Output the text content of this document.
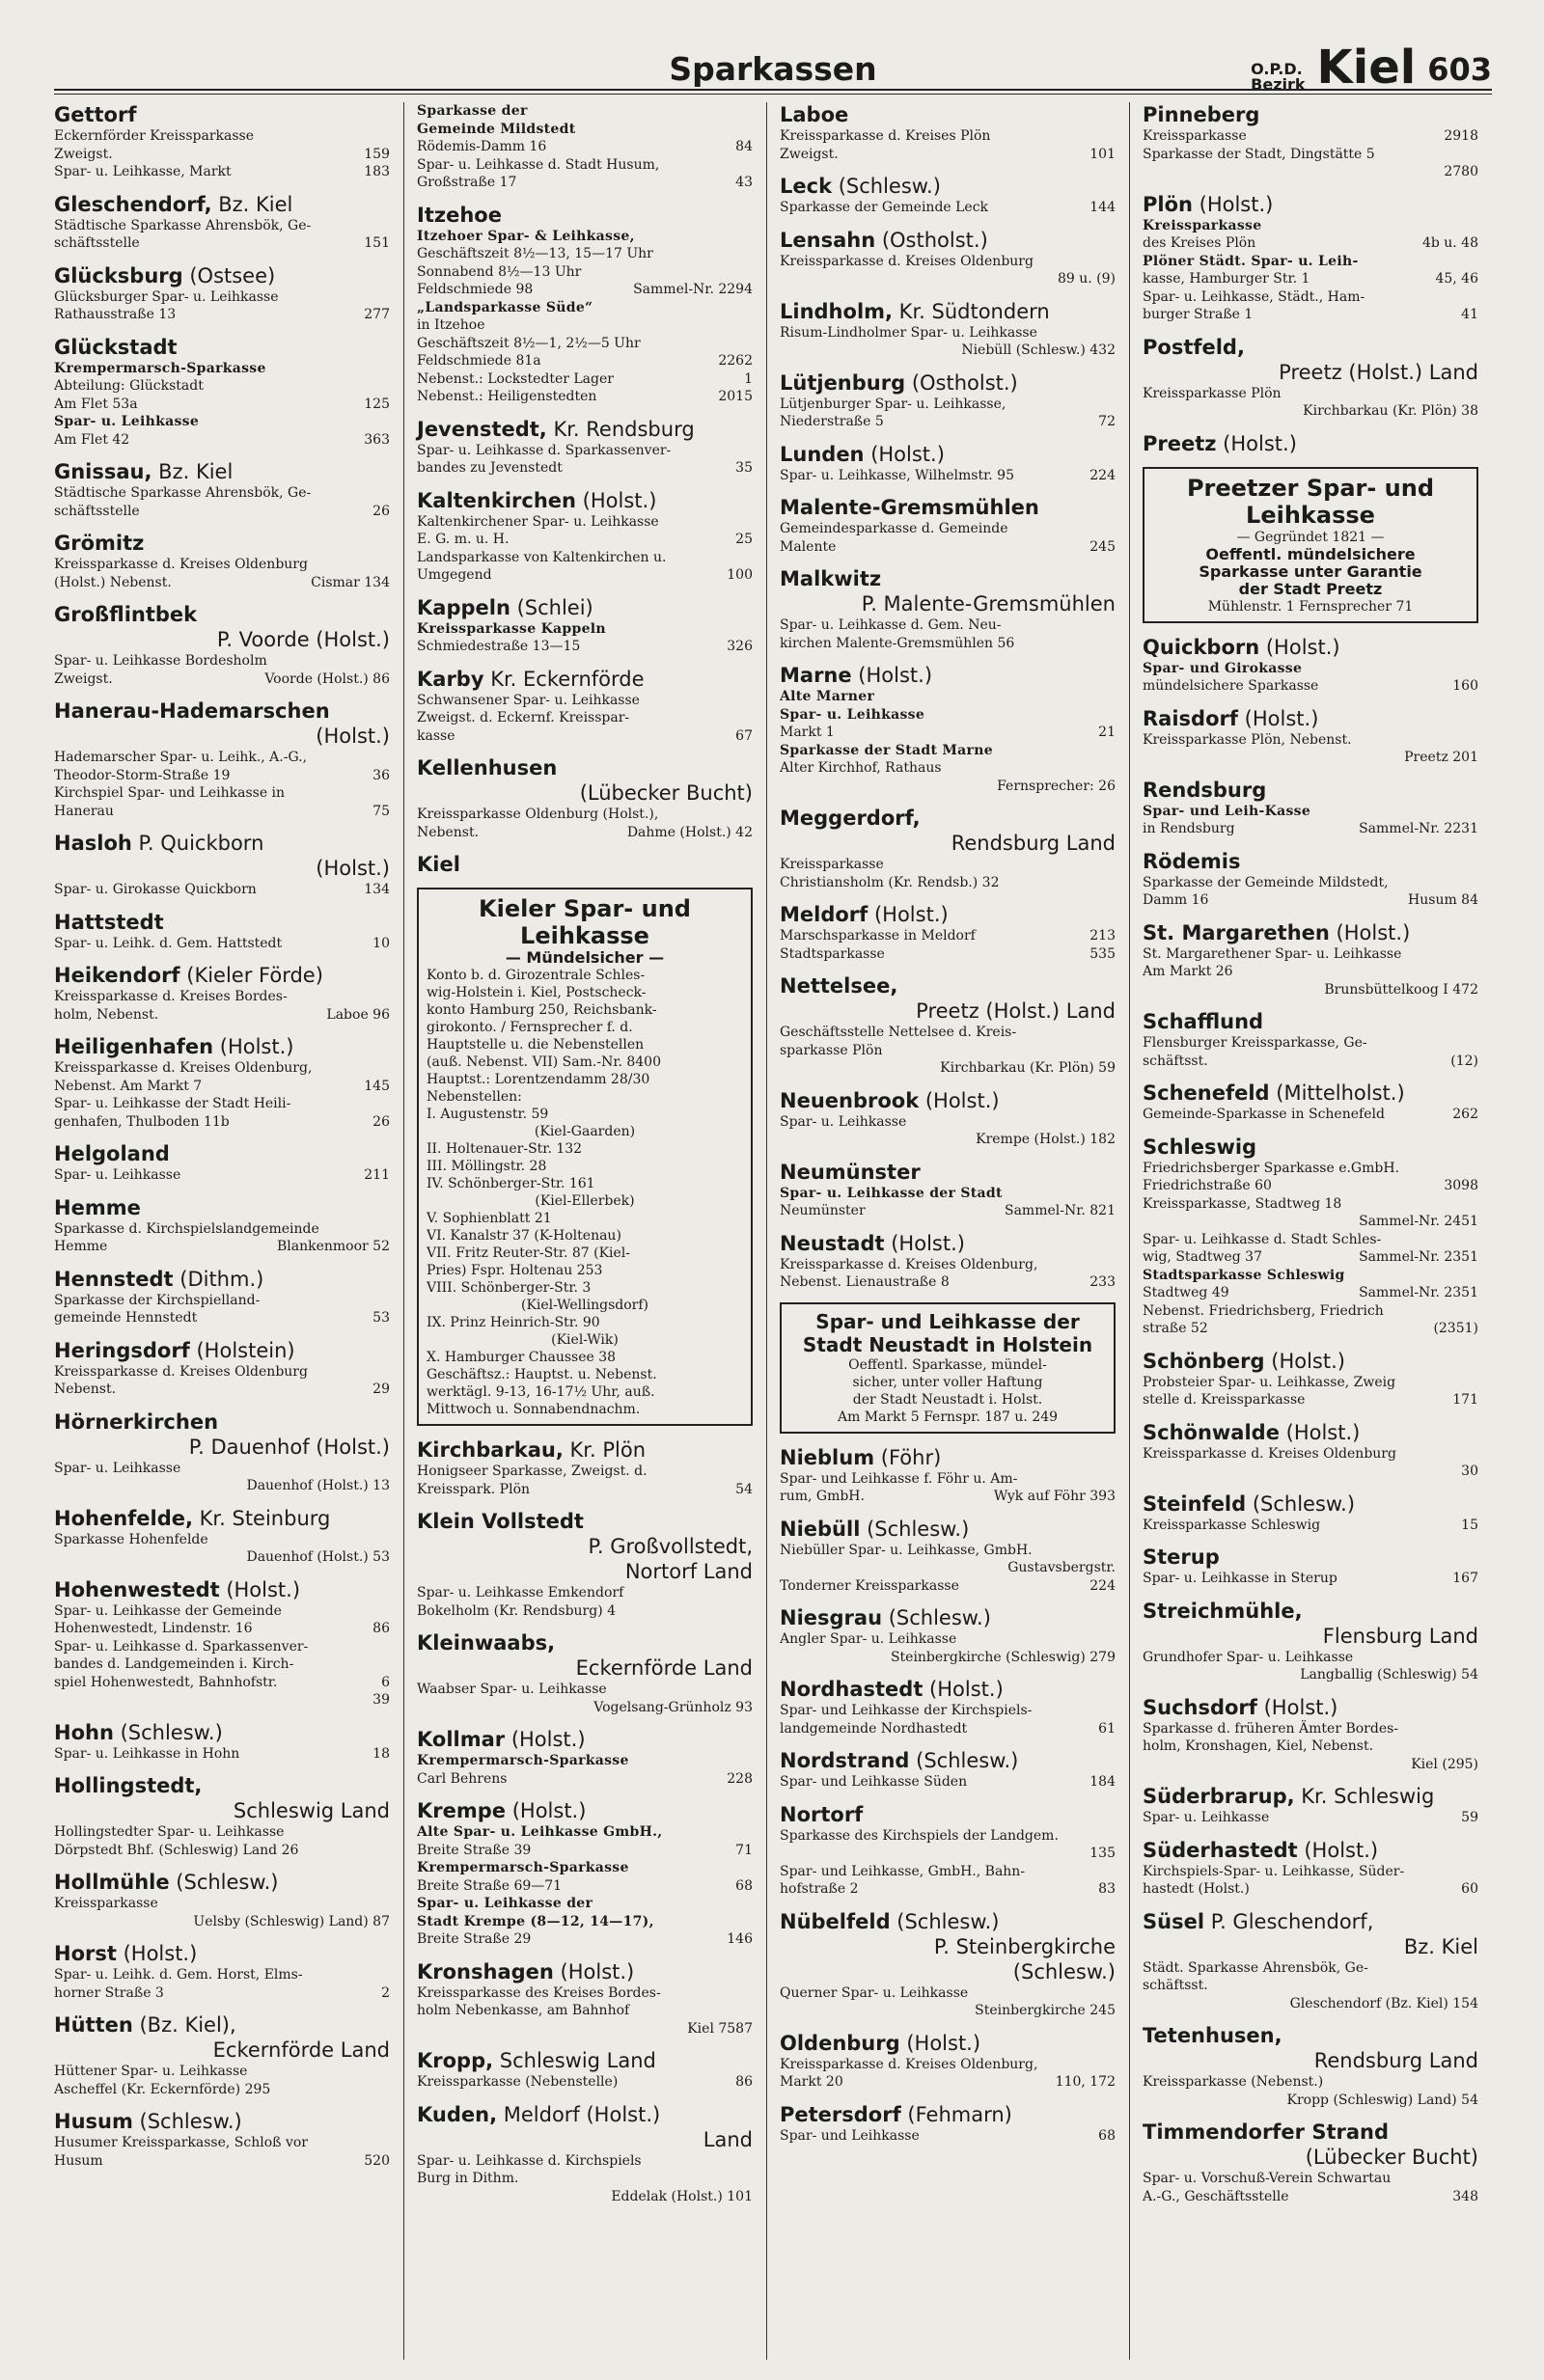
Sparkassen	O.P.D.
Bezirk Kiel 603
Gettorf
Eckernförder Kreissparkasse
Zweigst.	159
Spar- u. Leihkasse, Markt	183
Gleschendorf, Bz. Kiel
Städtische Sparkasse Ahrensbök, Ge-
schäftsstelle	151
Glücksburg (Ostsee)
Glücksburger Spar- u. Leihkasse
Rathausstraße 13	277
Glückstadt
Krempermarsch-Sparkasse
Abteilung: Glückstadt
Am Flet 53a	125
Spar- u. Leihkasse
Am Flet 42	363
Gnissau, Bz. Kiel
Städtische Sparkasse Ahrensbök, Ge-
schäftsstelle	26
Grömitz
Kreissparkasse d. Kreises Oldenburg
(Holst.) Nebenst.	Cismar 134
Großflintbek
P. Voorde (Holst.)
Spar- u. Leihkasse Bordesholm
Zweigst.	Voorde (Holst.) 86
Hanerau-Hademarschen
(Holst.)
Hademarscher Spar- u. Leihk., A.-G.,
Theodor-Storm-Straße 19	36
Kirchspiel Spar- und Leihkasse in
Hanerau	75
Hasloh P. Quickborn
(Holst.)
Spar- u. Girokasse Quickborn	134
Hattstedt
Spar- u. Leihk. d. Gem. Hattstedt	10
Heikendorf (Kieler Förde)
Kreissparkasse d. Kreises Bordes-
holm, Nebenst.	Laboe 96
Heiligenhafen (Holst.)
Kreissparkasse d. Kreises Oldenburg,
Nebenst. Am Markt 7	145
Spar- u. Leihkasse der Stadt Heili-
genhafen, Thulboden 11b	26
Helgoland
Spar- u. Leihkasse	211
Hemme
Sparkasse d. Kirchspielslandgemeinde
Hemme	Blankenmoor 52
Hennstedt (Dithm.)
Sparkasse der Kirchspielland-
gemeinde Hennstedt	53
Heringsdorf (Holstein)
Kreissparkasse d. Kreises Oldenburg
Nebenst.	29
Hörnerkirchen
P. Dauenhof (Holst.)
Spar- u. Leihkasse
Dauenhof (Holst.) 13
Hohenfelde, Kr. Steinburg
Sparkasse Hohenfelde
Dauenhof (Holst.) 53
Hohenwestedt (Holst.)
Spar- u. Leihkasse der Gemeinde
Hohenwestedt, Lindenstr. 16	86
Spar- u. Leihkasse d. Sparkassenver-
bandes d. Landgemeinden i. Kirch-
spiel Hohenwestedt, Bahnhofstr.	6
39
Hohn (Schlesw.)
Spar- u. Leihkasse in Hohn	18
Hollingstedt,
Schleswig Land
Hollingstedter Spar- u. Leihkasse
Dörpstedt Bhf. (Schleswig) Land 26
Hollmühle (Schlesw.)
Kreissparkasse
Uelsby (Schleswig) Land) 87
Horst (Holst.)
Spar- u. Leihk. d. Gem. Horst, Elms-
horner Straße 3	2
Hütten (Bz. Kiel),
Eckernförde Land
Hüttener Spar- u. Leihkasse
Ascheffel (Kr. Eckernförde) 295
Husum (Schlesw.)
Husumer Kreissparkasse, Schloß vor
Husum	520
Sparkasse der
Gemeinde Mildstedt
Rödemis-Damm 16	84
Spar- u. Leihkasse d. Stadt Husum,
Großstraße 17	43
Itzehoe
Itzehoer Spar- & Leihkasse,
Geschäftszeit 8½—13, 15—17 Uhr
Sonnabend 8½—13 Uhr
Feldschmiede 98	Sammel-Nr. 2294
„Landsparkasse Süde“
in Itzehoe
Geschäftszeit 8½—1, 2½—5 Uhr
Feldschmiede 81a	2262
Nebenst.: Lockstedter Lager	1
Nebenst.: Heiligenstedten	2015
Jevenstedt, Kr. Rendsburg
Spar- u. Leihkasse d. Sparkassenver-
bandes zu Jevenstedt	35
Kaltenkirchen (Holst.)
Kaltenkirchener Spar- u. Leihkasse
E. G. m. u. H.	25
Landsparkasse von Kaltenkirchen u.
Umgegend	100
Kappeln (Schlei)
Kreissparkasse Kappeln
Schmiedestraße 13—15	326
Karby Kr. Eckernförde
Schwansener Spar- u. Leihkasse
Zweigst. d. Eckernf. Kreisspar-
kasse	67
Kellenhusen
(Lübecker Bucht)
Kreissparkasse Oldenburg (Holst.),
Nebenst.	Dahme (Holst.) 42
Kiel
Kieler Spar- und Leihkasse
— Mündelsicher —
Konto b. d. Girozentrale Schles-
wig-Holstein i. Kiel, Postscheck-
konto Hamburg 250, Reichsbank-
girokonto. / Fernsprecher f. d.
Hauptstelle u. die Nebenstellen
(auß. Nebenst. VII) Sam.-Nr. 8400
Hauptst.: Lorentzendamm 28/30
Nebenstellen:
I. Augustenstr. 59
(Kiel-Gaarden)
II. Holtenauer-Str. 132
III. Möllingstr. 28
IV. Schönberger-Str. 161
(Kiel-Ellerbek)
V. Sophienblatt 21
VI. Kanalstr 37 (K-Holtenau)
VII. Fritz Reuter-Str. 87 (Kiel-
Pries) Fspr. Holtenau 253
VIII. Schönberger-Str. 3
(Kiel-Wellingsdorf)
IX. Prinz Heinrich-Str. 90
(Kiel-Wik)
X. Hamburger Chaussee 38
Geschäftsz.: Hauptst. u. Nebenst.
werktägl. 9-13, 16-17½ Uhr, auß.
Mittwoch u. Sonnabendnachm.
Kirchbarkau, Kr. Plön
Honigseer Sparkasse, Zweigst. d.
Kreisspark. Plön	54
Klein Vollstedt
P. Großvollstedt,
Nortorf Land
Spar- u. Leihkasse Emkendorf
Bokelholm (Kr. Rendsburg) 4
Kleinwaabs,
Eckernförde Land
Waabser Spar- u. Leihkasse
Vogelsang-Grünholz 93
Kollmar (Holst.)
Krempermarsch-Sparkasse
Carl Behrens	228
Krempe (Holst.)
Alte Spar- u. Leihkasse GmbH.,
Breite Straße 39	71
Krempermarsch-Sparkasse
Breite Straße 69—71	68
Spar- u. Leihkasse der
Stadt Krempe (8—12, 14—17),
Breite Straße 29	146
Kronshagen (Holst.)
Kreissparkasse des Kreises Bordes-
holm Nebenkasse, am Bahnhof
Kiel 7587
Kropp, Schleswig Land
Kreissparkasse (Nebenstelle)	86
Kuden, Meldorf (Holst.)
Land
Spar- u. Leihkasse d. Kirchspiels
Burg in Dithm.
Eddelak (Holst.) 101
Laboe
Kreissparkasse d. Kreises Plön
Zweigst.	101
Leck (Schlesw.)
Sparkasse der Gemeinde Leck	144
Lensahn (Ostholst.)
Kreissparkasse d. Kreises Oldenburg
89 u. (9)
Lindholm, Kr. Südtondern
Risum-Lindholmer Spar- u. Leihkasse
Niebüll (Schlesw.) 432
Lütjenburg (Ostholst.)
Lütjenburger Spar- u. Leihkasse,
Niederstraße 5	72
Lunden (Holst.)
Spar- u. Leihkasse, Wilhelmstr. 95	224
Malente-Gremsmühlen
Gemeindesparkasse d. Gemeinde
Malente	245
Malkwitz
P. Malente-Gremsmühlen
Spar- u. Leihkasse d. Gem. Neu-
kirchen Malente-Gremsmühlen 56
Marne (Holst.)
Alte Marner
Spar- u. Leihkasse
Markt 1	21
Sparkasse der Stadt Marne
Alter Kirchhof, Rathaus
Fernsprecher: 26
Meggerdorf,
Rendsburg Land
Kreissparkasse
Christiansholm (Kr. Rendsb.) 32
Meldorf (Holst.)
Marschsparkasse in Meldorf	213
Stadtsparkasse	535
Nettelsee,
Preetz (Holst.) Land
Geschäftsstelle Nettelsee d. Kreis-
sparkasse Plön
Kirchbarkau (Kr. Plön) 59
Neuenbrook (Holst.)
Spar- u. Leihkasse
Krempe (Holst.) 182
Neumünster
Spar- u. Leihkasse der Stadt
Neumünster	Sammel-Nr. 821
Neustadt (Holst.)
Kreissparkasse d. Kreises Oldenburg,
Nebenst. Lienaustraße 8	233
Spar- und Leihkasse der Stadt Neustadt in Holstein
Oeffentl. Sparkasse, mündel-
sicher, unter voller Haftung
der Stadt Neustadt i. Holst.
Am Markt 5 Fernspr. 187 u. 249
Nieblum (Föhr)
Spar- und Leihkasse f. Föhr u. Am-
rum, GmbH.	Wyk auf Föhr 393
Niebüll (Schlesw.)
Niebüller Spar- u. Leihkasse, GmbH.
Gustavsbergstr.
Tonderner Kreissparkasse	224
Niesgrau (Schlesw.)
Angler Spar- u. Leihkasse
Steinbergkirche (Schleswig) 279
Nordhastedt (Holst.)
Spar- und Leihkasse der Kirchspiels-
landgemeinde Nordhastedt	61
Nordstrand (Schlesw.)
Spar- und Leihkasse Süden	184
Nortorf
Sparkasse des Kirchspiels der Landgem.
135
Spar- und Leihkasse, GmbH., Bahn-
hofstraße 2	83
Nübelfeld (Schlesw.)
P. Steinbergkirche
(Schlesw.)
Querner Spar- u. Leihkasse
Steinbergkirche 245
Oldenburg (Holst.)
Kreissparkasse d. Kreises Oldenburg,
Markt 20	110, 172
Petersdorf (Fehmarn)
Spar- und Leihkasse	68
Pinneberg
Kreissparkasse	2918
Sparkasse der Stadt, Dingstätte 5
2780
Plön (Holst.)
Kreissparkasse
des Kreises Plön	4b u. 48
Plöner Städt. Spar- u. Leih-
kasse, Hamburger Str. 1	45, 46
Spar- u. Leihkasse, Städt., Ham-
burger Straße 1	41
Postfeld,
Preetz (Holst.) Land
Kreissparkasse Plön
Kirchbarkau (Kr. Plön) 38
Preetz (Holst.)
Preetzer Spar- und Leihkasse
— Gegründet 1821 —
Oeffentl. mündelsichere
Sparkasse unter Garantie
der Stadt Preetz
Mühlenstr. 1 Fernsprecher 71
Quickborn (Holst.)
Spar- und Girokasse
mündelsichere Sparkasse	160
Raisdorf (Holst.)
Kreissparkasse Plön, Nebenst.
Preetz 201
Rendsburg
Spar- und Leih-Kasse
in Rendsburg	Sammel-Nr. 2231
Rödemis
Sparkasse der Gemeinde Mildstedt,
Damm 16	Husum 84
St. Margarethen (Holst.)
St. Margarethener Spar- u. Leihkasse
Am Markt 26
Brunsbüttelkoog I 472
Schafflund
Flensburger Kreissparkasse, Ge-
schäftsst.	(12)
Schenefeld (Mittelholst.)
Gemeinde-Sparkasse in Schenefeld	262
Schleswig
Friedrichsberger Sparkasse e.GmbH.
Friedrichstraße 60	3098
Kreissparkasse, Stadtweg 18
Sammel-Nr. 2451
Spar- u. Leihkasse d. Stadt Schles-
wig, Stadtweg 37	Sammel-Nr. 2351
Stadtsparkasse Schleswig
Stadtweg 49	Sammel-Nr. 2351
Nebenst. Friedrichsberg, Friedrich
straße 52	(2351)
Schönberg (Holst.)
Probsteier Spar- u. Leihkasse, Zweig
stelle d. Kreissparkasse	171
Schönwalde (Holst.)
Kreissparkasse d. Kreises Oldenburg
30
Steinfeld (Schlesw.)
Kreissparkasse Schleswig	15
Sterup
Spar- u. Leihkasse in Sterup	167
Streichmühle,
Flensburg Land
Grundhofer Spar- u. Leihkasse
Langballig (Schleswig) 54
Suchsdorf (Holst.)
Sparkasse d. früheren Ämter Bordes-
holm, Kronshagen, Kiel, Nebenst.
Kiel (295)
Süderbrarup, Kr. Schleswig
Spar- u. Leihkasse	59
Süderhastedt (Holst.)
Kirchspiels-Spar- u. Leihkasse, Süder-
hastedt (Holst.)	60
Süsel P. Gleschendorf,
Bz. Kiel
Städt. Sparkasse Ahrensbök, Ge-
schäftsst.
Gleschendorf (Bz. Kiel) 154
Tetenhusen,
Rendsburg Land
Kreissparkasse (Nebenst.)
Kropp (Schleswig) Land) 54
Timmendorfer Strand
(Lübecker Bucht)
Spar- u. Vorschuß-Verein Schwartau
A.-G., Geschäftsstelle	348
